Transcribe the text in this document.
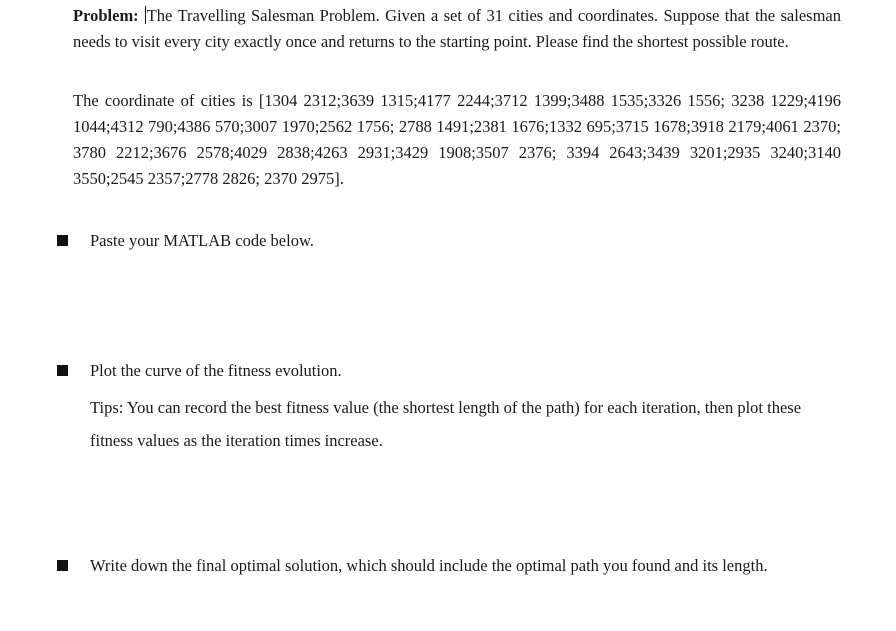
Problem: The Travelling Salesman Problem. Given a set of 31 cities and coordinates. Suppose that the salesman needs to visit every city exactly once and returns to the starting point. Please find the shortest possible route.
The coordinate of cities is [1304 2312;3639 1315;4177 2244;3712 1399;3488 1535;3326 1556; 3238 1229;4196 1044;4312 790;4386 570;3007 1970;2562 1756; 2788 1491;2381 1676;1332 695;3715 1678;3918 2179;4061 2370; 3780 2212;3676 2578;4029 2838;4263 2931;3429 1908;3507 2376; 3394 2643;3439 3201;2935 3240;3140 3550;2545 2357;2778 2826; 2370 2975].
Paste your MATLAB code below.
Plot the curve of the fitness evolution.
Tips: You can record the best fitness value (the shortest length of the path) for each iteration, then plot these fitness values as the iteration times increase.
Write down the final optimal solution, which should include the optimal path you found and its length.
